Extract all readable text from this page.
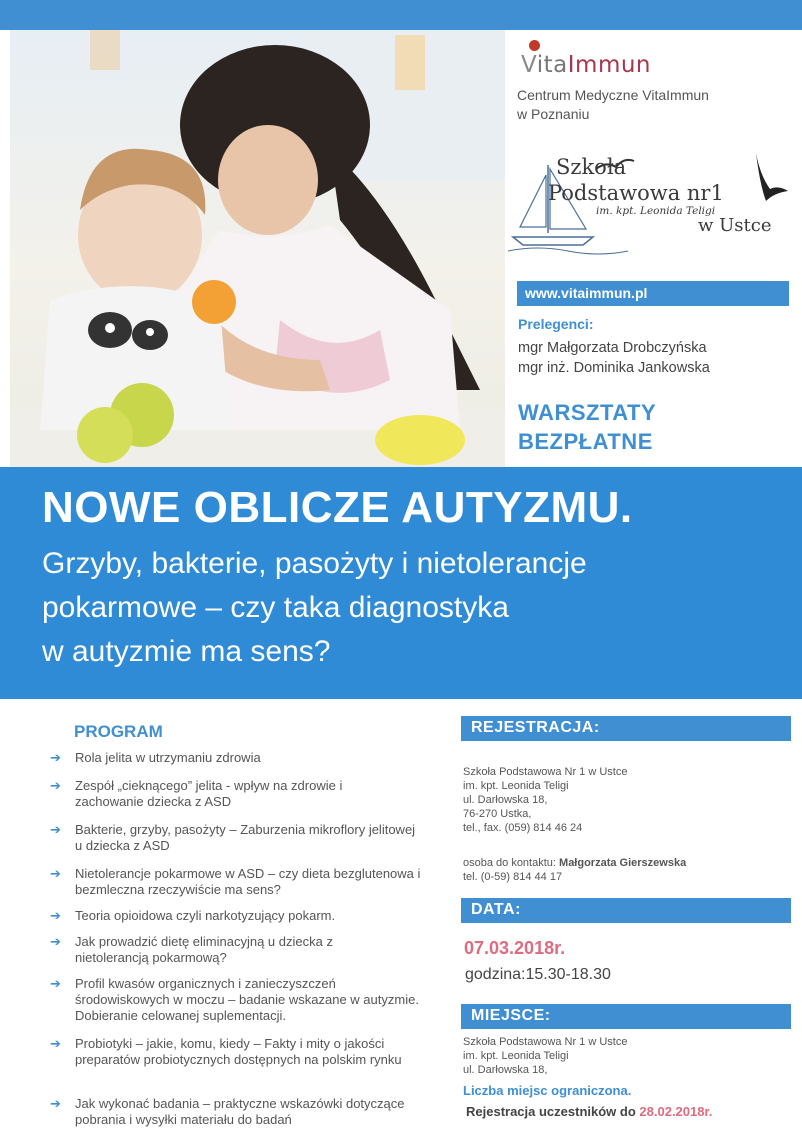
VitaImmun
Centrum Medyczne VitaImmun
w Poznaniu
Szkoła
Podstawowa nr1
im. kpt. Leonida Teligi
w Ustce
www.vitaimmun.pl
Prelegenci:
mgr Małgorzata Drobczyńska
mgr inż. Dominika Jankowska
WARSZTATY
BEZPŁATNE
NOWE OBLICZE AUTYZMU.
Grzyby, bakterie, pasożyty i nietolerancje
pokarmowe – czy taka diagnostyka
w autyzmie ma sens?
PROGRAM
➔ Rola jelita w utrzymaniu zdrowia
➔ Zespół „cieknącego” jelita - wpływ na zdrowie i zachowanie dziecka z ASD
➔ Bakterie, grzyby, pasożyty – Zaburzenia mikroflory jelitowej u dziecka z ASD
➔ Nietolerancje pokarmowe w ASD – czy dieta bezglutenowa i bezmleczna rzeczywiście ma sens?
➔ Teoria opioidowa czyli narkotyzujący pokarm.
➔ Jak prowadzić dietę eliminacyjną u dziecka z nietolerancją pokarmową?
➔ Profil kwasów organicznych i zanieczyszczeń środowiskowych w moczu – badanie wskazane w autyzmie. Dobieranie celowanej suplementacji.
➔ Probiotyki – jakie, komu, kiedy – Fakty i mity o jakości preparatów probiotycznych dostępnych na polskim rynku
➔ Jak wykonać badania – praktyczne wskazówki dotyczące pobrania i wysyłki materiału do badań
REJESTRACJA:
Szkoła Podstawowa Nr 1 w Ustce
im. kpt. Leonida Teligi
ul. Darłowska 18,
76-270 Ustka,
tel., fax. (059) 814 46 24
osoba do kontaktu: Małgorzata Gierszewska
tel. (0-59) 814 44 17
DATA:
07.03.2018r.
godzina:15.30-18.30
MIEJSCE:
Szkoła Podstawowa Nr 1 w Ustce
im. kpt. Leonida Teligi
ul. Darłowska 18,
Liczba miejsc ograniczona.
Rejestracja uczestników do 28.02.2018r.
